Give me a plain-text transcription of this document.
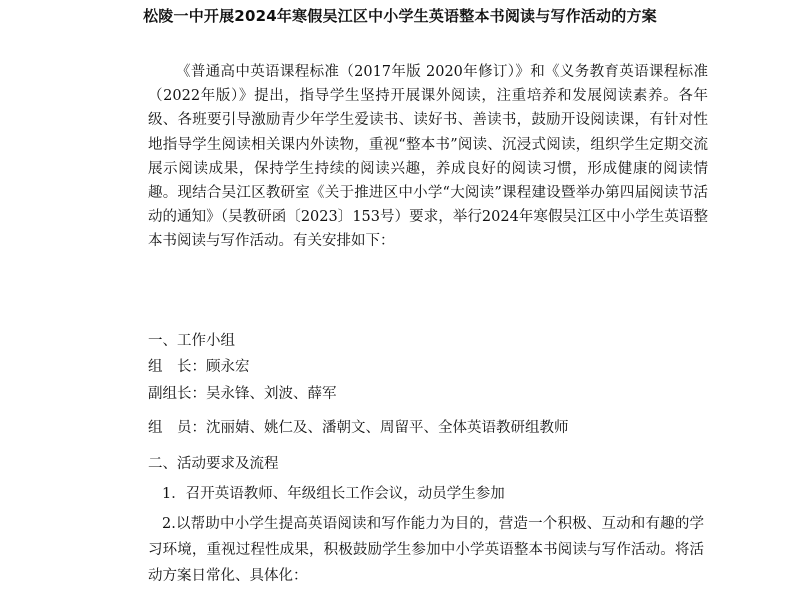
松陵一中开展2024年寒假吴江区中小学生英语整本书阅读与写作活动的方案

《普通高中英语课程标准（2017年版 2020年修订）》和《义务教育英语课程标准（2022年版）》提出，指导学生坚持开展课外阅读，注重培养和发展阅读素养。各年级、各班要引导激励青少年学生爱读书、读好书、善读书，鼓励开设阅读课，有针对性地指导学生阅读相关课内外读物，重视“整本书”阅读、沉浸式阅读，组织学生定期交流展示阅读成果，保持学生持续的阅读兴趣，养成良好的阅读习惯，形成健康的阅读情趣。现结合吴江区教研室《关于推进区中小学“大阅读”课程建设暨举办第四届阅读节活动的通知》（吴教研函〔2023〕153号）要求，举行2024年寒假吴江区中小学生英语整本书阅读与写作活动。有关安排如下：

一、工作小组
组　长：顾永宏
副组长：吴永锋、刘波、薛军
组　员：沈丽婧、姚仁及、潘朝文、周留平、全体英语教研组教师
二、活动要求及流程
1．召开英语教师、年级组长工作会议，动员学生参加

2.以帮助中小学生提高英语阅读和写作能力为目的，营造一个积极、互动和有趣的学习环境，重视过程性成果，积极鼓励学生参加中小学英语整本书阅读与写作活动。将活动方案日常化、具体化：
